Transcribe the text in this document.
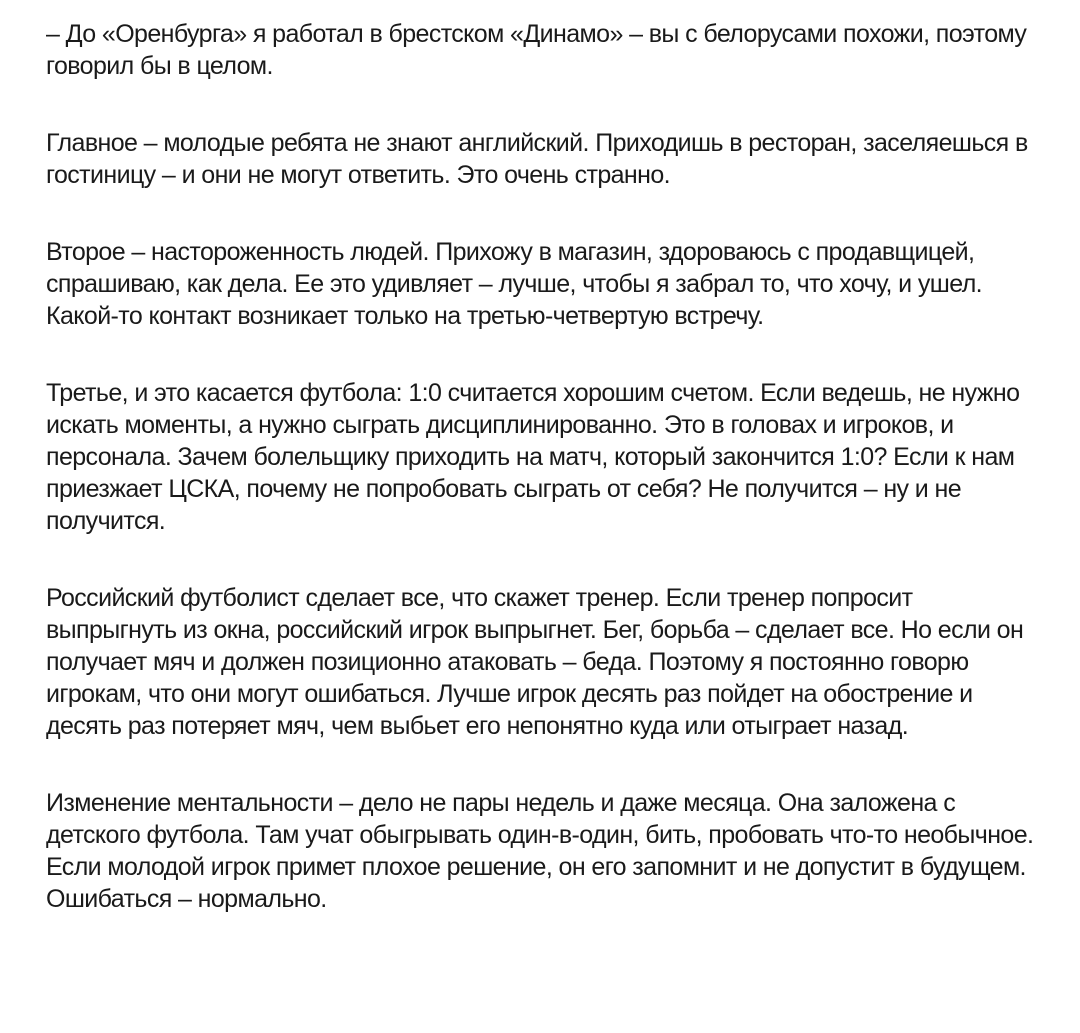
– До «Оренбурга» я работал в брестском «Динамо» – вы с белорусами похожи, поэтому говорил бы в целом.

Главное – молодые ребята не знают английский. Приходишь в ресторан, заселяешься в гостиницу – и они не могут ответить. Это очень странно.

Второе – настороженность людей. Прихожу в магазин, здороваюсь с продавщицей, спрашиваю, как дела. Ее это удивляет – лучше, чтобы я забрал то, что хочу, и ушел. Какой-то контакт возникает только на третью-четвертую встречу.

Третье, и это касается футбола: 1:0 считается хорошим счетом. Если ведешь, не нужно искать моменты, а нужно сыграть дисциплинированно. Это в головах и игроков, и персонала. Зачем болельщику приходить на матч, который закончится 1:0? Если к нам приезжает ЦСКА, почему не попробовать сыграть от себя? Не получится – ну и не получится.

Российский футболист сделает все, что скажет тренер. Если тренер попросит выпрыгнуть из окна, российский игрок выпрыгнет. Бег, борьба – сделает все. Но если он получает мяч и должен позиционно атаковать – беда. Поэтому я постоянно говорю игрокам, что они могут ошибаться. Лучше игрок десять раз пойдет на обострение и десять раз потеряет мяч, чем выбьет его непонятно куда или отыграет назад.

Изменение ментальности – дело не пары недель и даже месяца. Она заложена с детского футбола. Там учат обыгрывать один-в-один, бить, пробовать что-то необычное. Если молодой игрок примет плохое решение, он его запомнит и не допустит в будущем. Ошибаться – нормально.
